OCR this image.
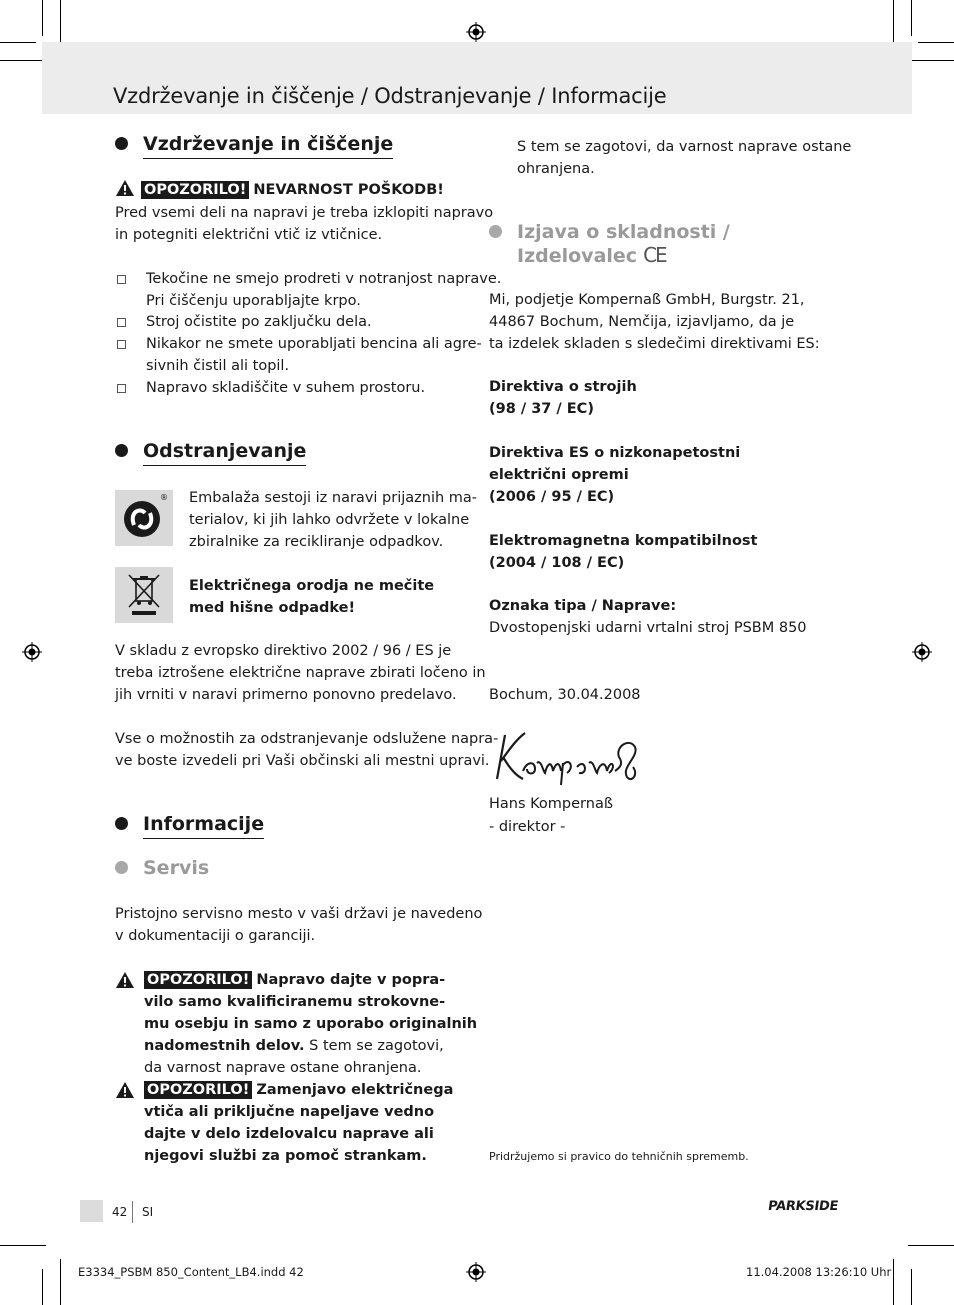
Vzdrževanje in čiščenje / Odstranjevanje / Informacije
Vzdrževanje in čiščenje
OPOZORILO! NEVARNOST POŠKODB!
Pred vsemi deli na napravi je treba izklopiti napravo
in potegniti električni vtič iz vtičnice.
Tekočine ne smejo prodreti v notranjost naprave.
Pri čiščenju uporabljajte krpo.
Stroj očistite po zaključku dela.
Nikakor ne smete uporabljati bencina ali agre-
sivnih čistil ali topil.
Napravo skladiščite v suhem prostoru.
Odstranjevanje
® Embalaža sestoji iz naravi prijaznih ma-
terialov, ki jih lahko odvržete v lokalne
zbiralnike za recikliranje odpadkov.
Električnega orodja ne mečite
med hišne odpadke!
V skladu z evropsko direktivo 2002 / 96 / ES je
treba iztrošene električne naprave zbirati ločeno in
jih vrniti v naravi primerno ponovno predelavo.
Vse o možnostih za odstranjevanje odslužene napra-
ve boste izvedeli pri Vaši občinski ali mestni upravi.
Informacije
Servis
Pristojno servisno mesto v vaši državi je navedeno
v dokumentaciji o garanciji.
OPOZORILO! Napravo dajte v popra-
vilo samo kvalificiranemu strokovne-
mu osebju in samo z uporabo originalnih
nadomestnih delov. S tem se zagotovi,
da varnost naprave ostane ohranjena.
OPOZORILO! Zamenjavo električnega
vtiča ali priključne napeljave vedno
dajte v delo izdelovalcu naprave ali
njegovi službi za pomoč strankam.
S tem se zagotovi, da varnost naprave ostane
ohranjena.
Izjava o skladnosti /
Izdelovalec CE
Mi, podjetje Kompernaß GmbH, Burgstr. 21,
44867 Bochum, Nemčija, izjavljamo, da je
ta izdelek skladen s sledečimi direktivami ES:
Direktiva o strojih
(98 / 37 / EC)
Direktiva ES o nizkonapetostni
električni opremi
(2006 / 95 / EC)
Elektromagnetna kompatibilnost
(2004 / 108 / EC)
Oznaka tipa / Naprave:
Dvostopenjski udarni vrtalni stroj PSBM 850
Bochum, 30.04.2008
Hans Kompernaß
- direktor -
Pridržujemo si pravico do tehničnih sprememb.
42 SI	PARKSIDE
E3334_PSBM 850_Content_LB4.indd 42	11.04.2008 13:26:10 Uhr
